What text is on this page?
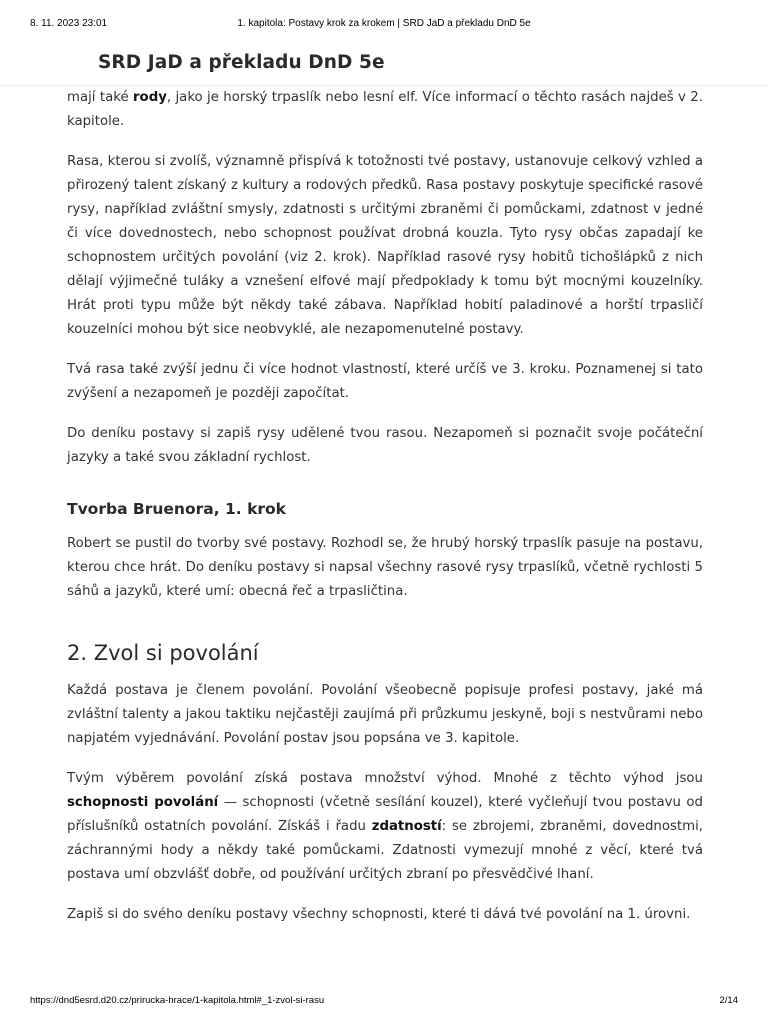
8. 11. 2023 23:01	1. kapitola: Postavy krok za krokem | SRD JaD a překladu DnD 5e
SRD JaD a překladu DnD 5e

mají také rody, jako je horský trpaslík nebo lesní elf. Více informací o těchto rasách najdeš v 2. kapitole.

Rasa, kterou si zvolíš, významně přispívá k totožnosti tvé postavy, ustanovuje celkový vzhled a přirozený talent získaný z kultury a rodových předků. Rasa postavy poskytuje specifické rasové rysy, například zvláštní smysly, zdatnosti s určitými zbraněmi či pomůckami, zdatnost v jedné či více dovednostech, nebo schopnost používat drobná kouzla. Tyto rysy občas zapadají ke schopnostem určitých povolání (viz 2. krok). Například rasové rysy hobitů tichošlápků z nich dělají výjimečné tuláky a vznešení elfové mají předpoklady k tomu být mocnými kouzelníky. Hrát proti typu může být někdy také zábava. Například hobití paladinové a horští trpasličí kouzelníci mohou být sice neobvyklé, ale nezapomenutelné postavy.

Tvá rasa také zvýší jednu či více hodnot vlastností, které určíš ve 3. kroku. Poznamenej si tato zvýšení a nezapomeň je později započítat.

Do deníku postavy si zapiš rysy udělené tvou rasou. Nezapomeň si poznačit svoje počáteční jazyky a také svou základní rychlost.

Tvorba Bruenora, 1. krok

Robert se pustil do tvorby své postavy. Rozhodl se, že hrubý horský trpaslík pasuje na postavu, kterou chce hrát. Do deníku postavy si napsal všechny rasové rysy trpaslíků, včetně rychlosti 5 sáhů a jazyků, které umí: obecná řeč a trpasličtina.

2. Zvol si povolání

Každá postava je členem povolání. Povolání všeobecně popisuje profesi postavy, jaké má zvláštní talenty a jakou taktiku nejčastěji zaujímá při průzkumu jeskyně, boji s nestvůrami nebo napjatém vyjednávání. Povolání postav jsou popsána ve 3. kapitole.

Tvým výběrem povolání získá postava množství výhod. Mnohé z těchto výhod jsou schopnosti povolání — schopnosti (včetně sesílání kouzel), které vyčleňují tvou postavu od příslušníků ostatních povolání. Získáš i řadu zdatností: se zbrojemi, zbraněmi, dovednostmi, záchrannými hody a někdy také pomůckami. Zdatnosti vymezují mnohé z věcí, které tvá postava umí obzvlášť dobře, od používání určitých zbraní po přesvědčivé lhaní.

Zapiš si do svého deníku postavy všechny schopnosti, které ti dává tvé povolání na 1. úrovni.

https://dnd5esrd.d20.cz/prirucka-hrace/1-kapitola.html#_1-zvol-si-rasu	2/14
